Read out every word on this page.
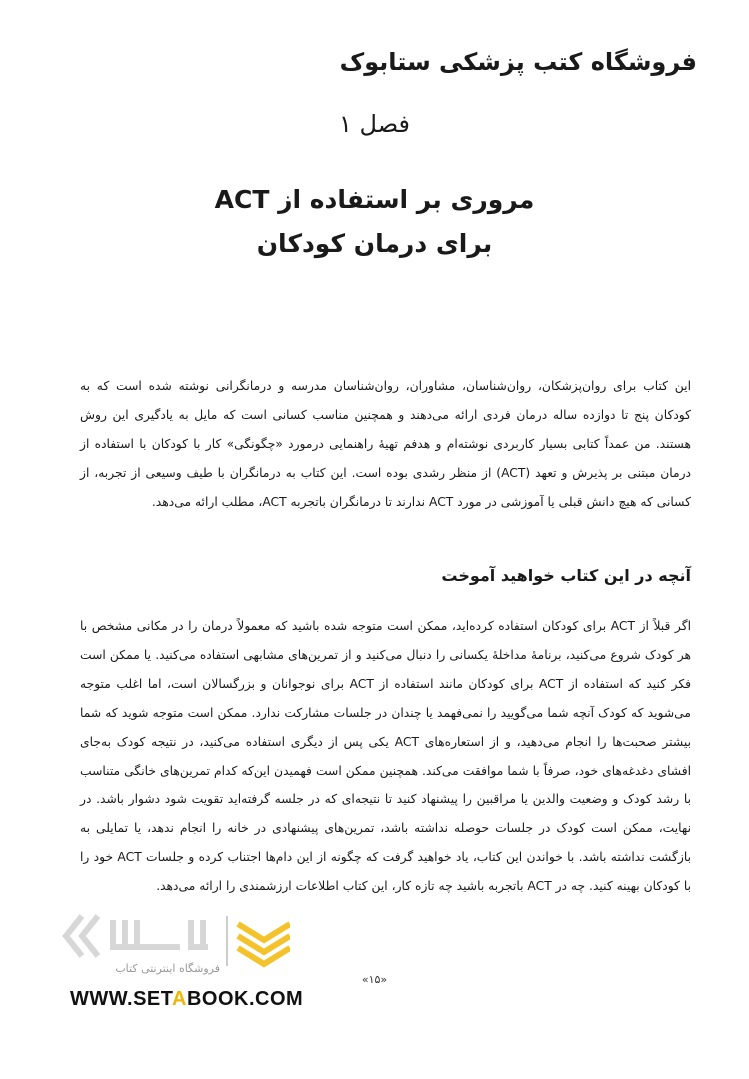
فروشگاه کتب پزشکی ستابوک
فصل ۱
مروری بر استفاده از ACT
برای درمان کودکان

این کتاب برای روان‌پزشکان، روان‌شناسان، مشاوران، روان‌شناسان مدرسه و درمانگرانی نوشته شده است که به کودکان پنج تا دوازده ساله درمان فردی ارائه می‌دهند و همچنین مناسب کسانی است که مایل به یادگیری این روش هستند. من عمداً کتابی بسیار کاربردی نوشته‌ام و هدفم تهیهٔ راهنمایی درمورد «چگونگی» کار با کودکان با استفاده از درمان مبتنی بر پذیرش و تعهد (ACT) از منظر رشدی بوده است. این کتاب به درمانگران با طیف وسیعی از تجربه، از کسانی که هیچ دانش قبلی یا آموزشی در مورد ACT ندارند تا درمانگران باتجربه ACT، مطلب ارائه می‌دهد.

آنچه در این کتاب خواهید آموخت

اگر قبلاً از ACT برای کودکان استفاده کرده‌اید، ممکن است متوجه شده باشید که معمولاً درمان را در مکانی مشخص با هر کودک شروع می‌کنید، برنامهٔ مداخلهٔ یکسانی را دنبال می‌کنید و از تمرین‌های مشابهی استفاده می‌کنید. یا ممکن است فکر کنید که استفاده از ACT برای کودکان مانند استفاده از ACT برای نوجوانان و بزرگسالان است، اما اغلب متوجه می‌شوید که کودک آنچه شما می‌گویید را نمی‌فهمد یا چندان در جلسات مشارکت ندارد. ممکن است متوجه شوید که شما بیشتر صحبت‌ها را انجام می‌دهید، و از استعاره‌های ACT یکی پس از دیگری استفاده می‌کنید، در نتیجه کودک به‌جای افشای دغدغه‌های خود، صرفاً با شما موافقت می‌کند. همچنین ممکن است فهمیدن این‌که کدام تمرین‌های خانگی متناسب با رشد کودک و وضعیت والدین یا مراقبین را پیشنهاد کنید تا نتیجه‌ای که در جلسه گرفته‌اید تقویت شود دشوار باشد. در نهایت، ممکن است کودک در جلسات حوصله نداشته باشد، تمرین‌های پیشنهادی در خانه را انجام ندهد، یا تمایلی به بازگشت نداشته باشد. با خواندن این کتاب، یاد خواهید گرفت که چگونه از این دام‌ها اجتناب کرده و جلسات ACT خود را با کودکان بهینه کنید. چه در ACT باتجربه باشید چه تازه کار، این کتاب اطلاعات ارزشمندی را ارائه می‌دهد.

«۱۵»
فروشگاه اینترنتی کتاب
WWW.SETABOOK.COM
